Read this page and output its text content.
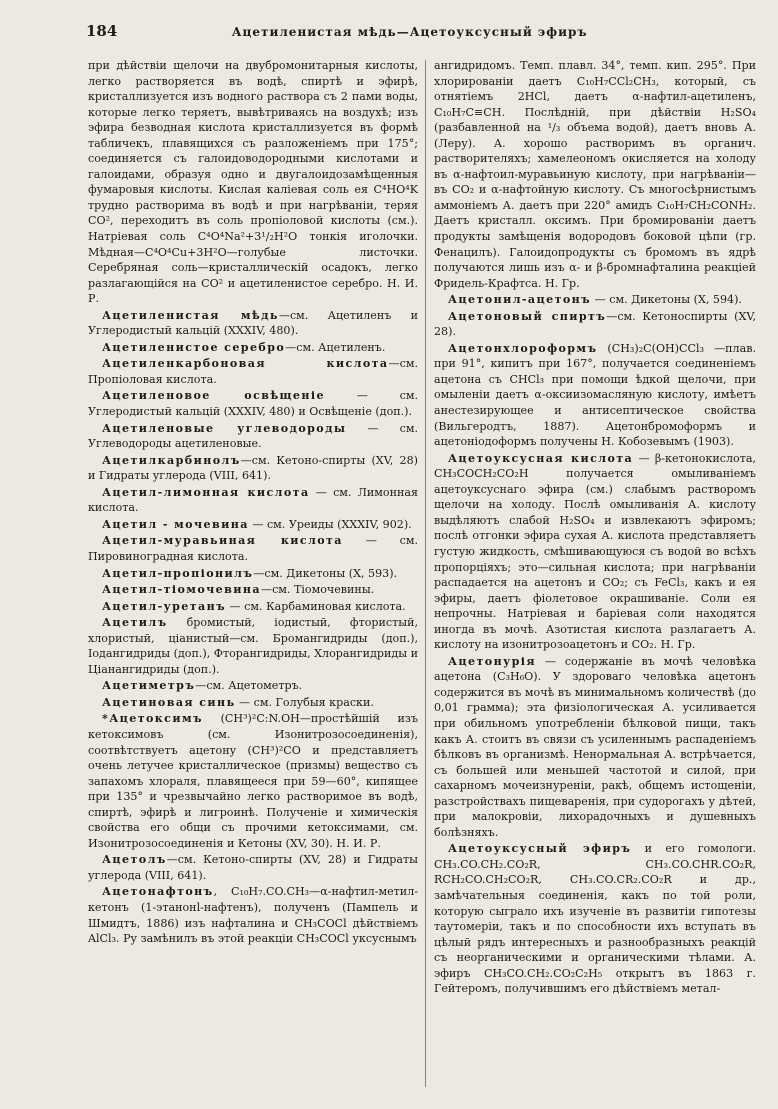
184	Ацетиленистая мѣдь—Ацетоуксусный эфиръ

при дѣйствіи щелочи на двубромонитарныя кислоты, легко растворяется въ водѣ, спиртѣ и эфирѣ, кристаллизуется изъ водного раствора съ 2 пами воды, которые легко теряетъ, вывѣтриваясь на воздухѣ; изъ эфира безводная кислота кристаллизуется въ формѣ табличекъ, плавящихся съ разложеніемъ при 175°; соединяется съ галоидоводородными кислотами и галоидами, образуя одно и двугалоидозамѣщенныя фумаровыя кислоты. Кислая калiевая соль ея C⁴HO⁴K трудно растворима въ водѣ и при нагрѣваніи, теряя CO², переходитъ въ соль пропіоловой кислоты (см.). Натріевая соль C⁴O⁴Na²+3¹/₂H²O тонкія иголочки. Мѣдная—C⁴O⁴Cu+3H²O—голубые листочки. Серебряная соль—кристаллическій осадокъ, легко разлагающійся на CO² и ацетиленистое серебро. Н. И. Р.

Ацетиленистая мѣдь—см. Ацетиленъ и Углеродистый кальцій (XXXIV, 480).

Ацетиленистое серебро—см. Ацетиленъ.

Ацетиленкарбоновая кислота—см. Пропіоловая кислота.

Ацетиленовое освѣщеніе — см. Углеродистый кальцій (XXXIV, 480) и Освѣщеніе (доп.).

Ацетиленовые углеводороды — см. Углеводороды ацетиленовые.

Ацетилкарбинолъ—см. Кетоно-спирты (XV, 28) и Гидраты углерода (VIII, 641).

Ацетил-лимонная кислота — см. Лимонная кислота.

Ацетил - мочевина — см. Уреиды (XXXIV, 902).

Ацетил-муравьиная кислота — см. Пировиноградная кислота.

Ацетил-пропіонилъ—см. Дикетоны (X, 593).

Ацетил-тіомочевина—см. Тіомочевины.

Ацетил-уретанъ — см. Карбаминовая кислота.

Ацетилъ бромистый, іодистый, фтористый, хлористый, ціанистый—см. Бромангидриды (доп.), Іодангидриды (доп.), Фторангидриды, Хлорангидриды и Ціанангидриды (доп.).

Ацетиметръ—см. Ацетометръ.

Ацетиновая синь — см. Голубыя краски.

*Ацетоксимъ (CH³)²C:N.OH—простѣйшій изъ кетоксимовъ (см. Изонитрозосоединенія), соотвѣтствуетъ ацетону (CH³)²CO и представляетъ очень летучее кристаллическое (призмы) вещество съ запахомъ хлораля, плавящееся при 59—60°, кипящее при 135° и чрезвычайно легко растворимое въ водѣ, спиртѣ, эфирѣ и лигроинѣ. Полученіе и химическія свойства его общи съ прочими кетоксимами, см. Изонитрозосоединенія и Кетоны (XV, 30). Н. И. Р.

Ацетолъ—см. Кетоно-спирты (XV, 28) и Гидраты углерода (VIII, 641).

Ацетонафтонъ, C₁₀H₇.CO.CH₃—α-нафтил-метил-кетонъ (1-этанонl-нафтенъ), полученъ (Пампель и Шмидтъ, 1886) изъ нафталина и CH₃COCl дѣйствіемъ AlCl₃. Ру замѣнилъ въ этой реакціи CH₃COCl уксуснымъ

ангидридомъ. Темп. плавл. 34°, темп. кип. 295°. При хлорированіи даетъ C₁₀H₇CCl₂CH₃, который, съ отнятіемъ 2HCl, даетъ α-нафтил-ацетиленъ, C₁₀H₇C≡CH. Послѣдній, при дѣйствіи H₂SO₄ (разбавленной на ¹/₃ объема водой), даетъ вновь А. (Леру). А. хорошо растворимъ въ органич. растворителяхъ; хамелеономъ окисляется на холоду въ α-нафтоил-муравьиную кислоту, при нагрѣваніи—въ CO₂ и α-нафтойную кислоту. Съ многосѣрнистымъ аммоніемъ А. даетъ при 220° амидъ C₁₀H₇CH₂CONH₂. Даетъ кристалл. оксимъ. При бромированіи даетъ продукты замѣщенія водородовъ боковой цѣпи (гр. Фенацилъ). Галоидопродукты съ бромомъ въ ядрѣ получаются лишь изъ α- и β-бромнафталина реакціей Фридель-Крафтса. Н. Гр.

Ацетонил-ацетонъ — см. Дикетоны (X, 594).

Ацетоновый спиртъ—см. Кетоноспирты (XV, 28).

Ацетонхлороформъ (CH₃)₂C(OH)CCl₃ —плав. при 91°, кипитъ при 167°, получается соединеніемъ ацетона съ CHCl₃ при помощи ѣдкой щелочи, при омыленіи даетъ α-оксиизомасляную кислоту, имѣетъ анестезирующее и антисептическое свойства (Вильгеродтъ, 1887). Ацетонбромоформъ и ацетоніодоформъ получены Н. Кобозевымъ (1903).

Ацетоуксусная кислота — β-кетонокислота, CH₃COCH₂CO₂H получается омыливаніемъ ацетоуксуснаго эфира (см.) слабымъ растворомъ щелочи на холоду. Послѣ омыливанія А. кислоту выдѣляютъ слабой H₂SO₄ и извлекаютъ эфиромъ; послѣ отгонки эфира сухая А. кислота представляетъ густую жидкость, смѣшивающуюся съ водой во всѣхъ пропорціяхъ; это—сильная кислота; при нагрѣваніи распадается на ацетонъ и CO₂; съ FeCl₃, какъ и ея эфиры, даетъ фіолетовое окрашиваніе. Соли ея непрочны. Натріевая и баріевая соли находятся иногда въ мочѣ. Азотистая кислота разлагаетъ А. кислоту на изонитрозоацетонъ и CO₂. Н. Гр.

Ацетонурія — содержаніе въ мочѣ человѣка ацетона (C₃H₆O). У здороваго человѣка ацетонъ содержится въ мочѣ въ минимальномъ количествѣ (до 0,01 грамма); эта физіологическая А. усиливается при обильномъ употребленіи бѣлковой пищи, такъ какъ А. стоитъ въ связи съ усиленнымъ распаденіемъ бѣлковъ въ организмѣ. Ненормальная А. встрѣчается, съ большей или меньшей частотой и силой, при сахарномъ мочеизнуреніи, ракѣ, общемъ истощеніи, разстройствахъ пищеваренія, при судорогахъ у дѣтей, при малокровіи, лихорадочныхъ и душевныхъ болѣзняхъ.

Ацетоуксусный эфиръ и его гомологи. CH₃.CO.CH₂.CO₂R, CH₃.CO.CHR.CO₂R, RCH₂CO.CH₂CO₂R, CH₃.CO.CR₂.CO₂R и др., замѣчательныя соединенія, какъ по той роли, которую сыграло ихъ изученіе въ развитіи гипотезы таутомеріи, такъ и по способности ихъ вступать въ цѣлый рядъ интересныхъ и разнообразныхъ реакцій съ неорганическими и органическими тѣлами. А. эфиръ CH₃CO.CH₂.CO₂C₂H₅ открытъ въ 1863 г. Гейтеромъ, получившимъ его дѣйствіемъ метал-
